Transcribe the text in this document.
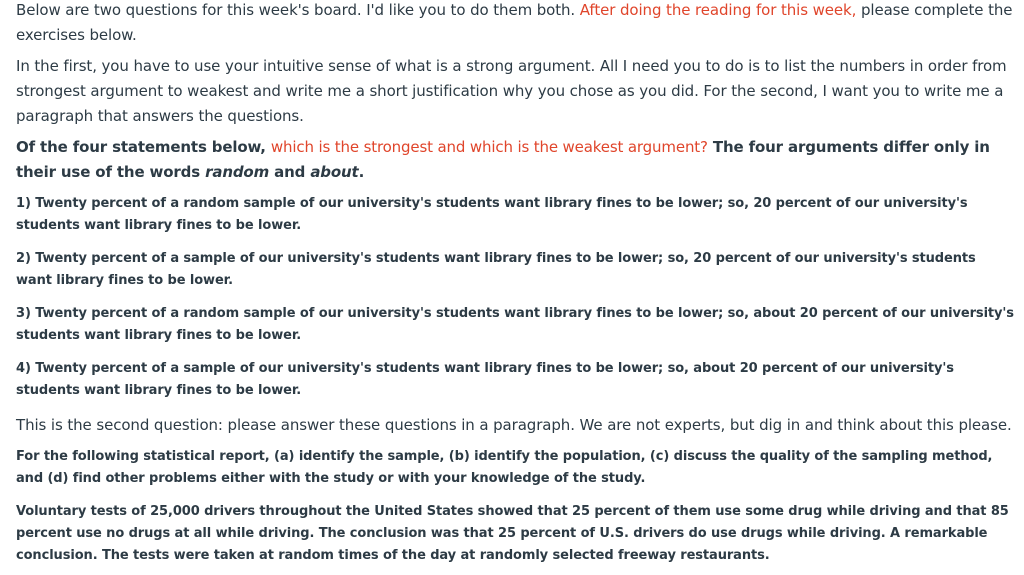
Below are two questions for this week's board. I'd like you to do them both. After doing the reading for this week, please complete the exercises below.

In the first, you have to use your intuitive sense of what is a strong argument. All I need you to do is to list the numbers in order from strongest argument to weakest and write me a short justification why you chose as you did. For the second, I want you to write me a paragraph that answers the questions.

Of the four statements below, which is the strongest and which is the weakest argument? The four arguments differ only in their use of the words random and about.

1) Twenty percent of a random sample of our university's students want library fines to be lower; so, 20 percent of our university's students want library fines to be lower.

2) Twenty percent of a sample of our university's students want library fines to be lower; so, 20 percent of our university's students want library fines to be lower.

3) Twenty percent of a random sample of our university's students want library fines to be lower; so, about 20 percent of our university's students want library fines to be lower.

4) Twenty percent of a sample of our university's students want library fines to be lower; so, about 20 percent of our university's students want library fines to be lower.

This is the second question: please answer these questions in a paragraph. We are not experts, but dig in and think about this please.

For the following statistical report, (a) identify the sample, (b) identify the population, (c) discuss the quality of the sampling method, and (d) find other problems either with the study or with your knowledge of the study.

Voluntary tests of 25,000 drivers throughout the United States showed that 25 percent of them use some drug while driving and that 85 percent use no drugs at all while driving. The conclusion was that 25 percent of U.S. drivers do use drugs while driving. A remarkable conclusion. The tests were taken at random times of the day at randomly selected freeway restaurants.
